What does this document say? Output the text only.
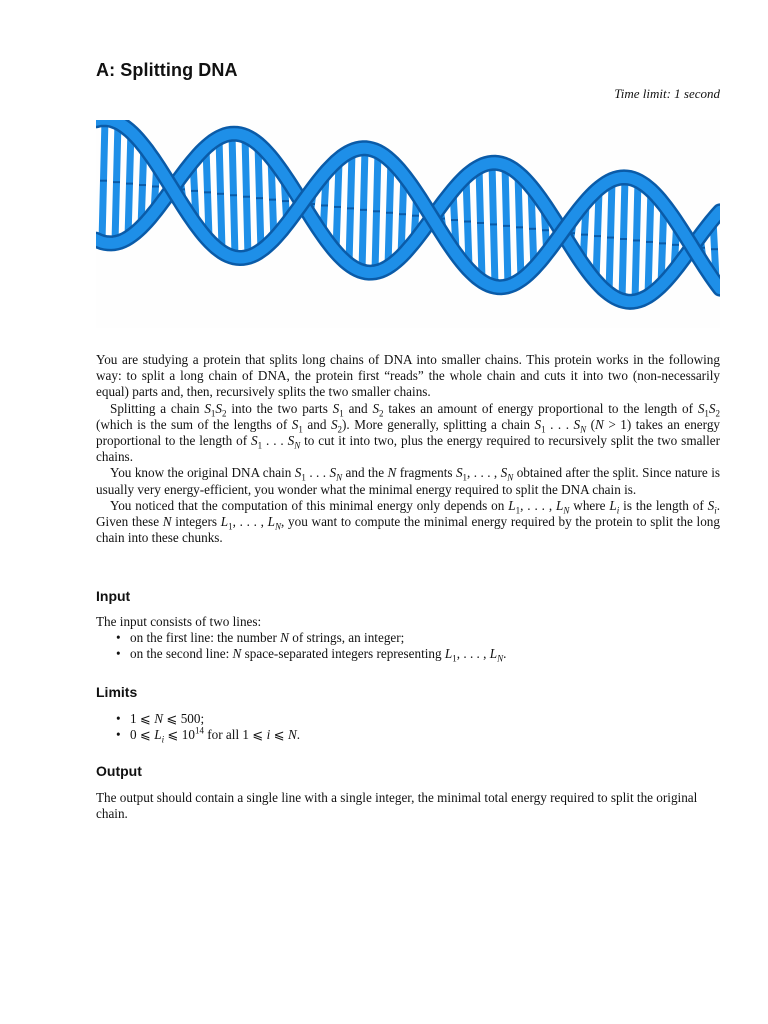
A: Splitting DNA
Time limit: 1 second

You are studying a protein that splits long chains of DNA into smaller chains. This protein works in the following way: to split a long chain of DNA, the protein first “reads” the whole chain and cuts it into two (non-necessarily equal) parts and, then, recursively splits the two smaller chains.

Splitting a chain $S_1S_2$ into the two parts $S_1$ and $S_2$ takes an amount of energy proportional to the length of $S_1S_2$ (which is the sum of the lengths of $S_1$ and $S_2$). More generally, splitting a chain $S_1$ . . . $S_N$ (N > 1) takes an energy proportional to the length of $S_1$ . . . $S_N$ to cut it into two, plus the energy required to recursively split the two smaller chains.

You know the original DNA chain $S_1$ . . . $S_N$ and the N fragments $S_1$, . . . , $S_N$ obtained after the split. Since nature is usually very energy-efficient, you wonder what the minimal energy required to split the DNA chain is.

You noticed that the computation of this minimal energy only depends on $L_1$, . . . , $L_N$ where $L_i$ is the length of $S_i$. Given these N integers $L_1$, . . . , $L_N$, you want to compute the minimal energy required by the protein to split the long chain into these chunks.

Input

The input consists of two lines:

• on the first line: the number N of strings, an integer;
• on the second line: N space-separated integers representing $L_1$, . . . , $L_N$.
Limits
• 1 ⩽ N ⩽ 500;
• 0 ⩽ $L_i$ ⩽ $10^{14}$ for all 1 ⩽ i ⩽ N.
Output

The output should contain a single line with a single integer, the minimal total energy required to split the original chain.
